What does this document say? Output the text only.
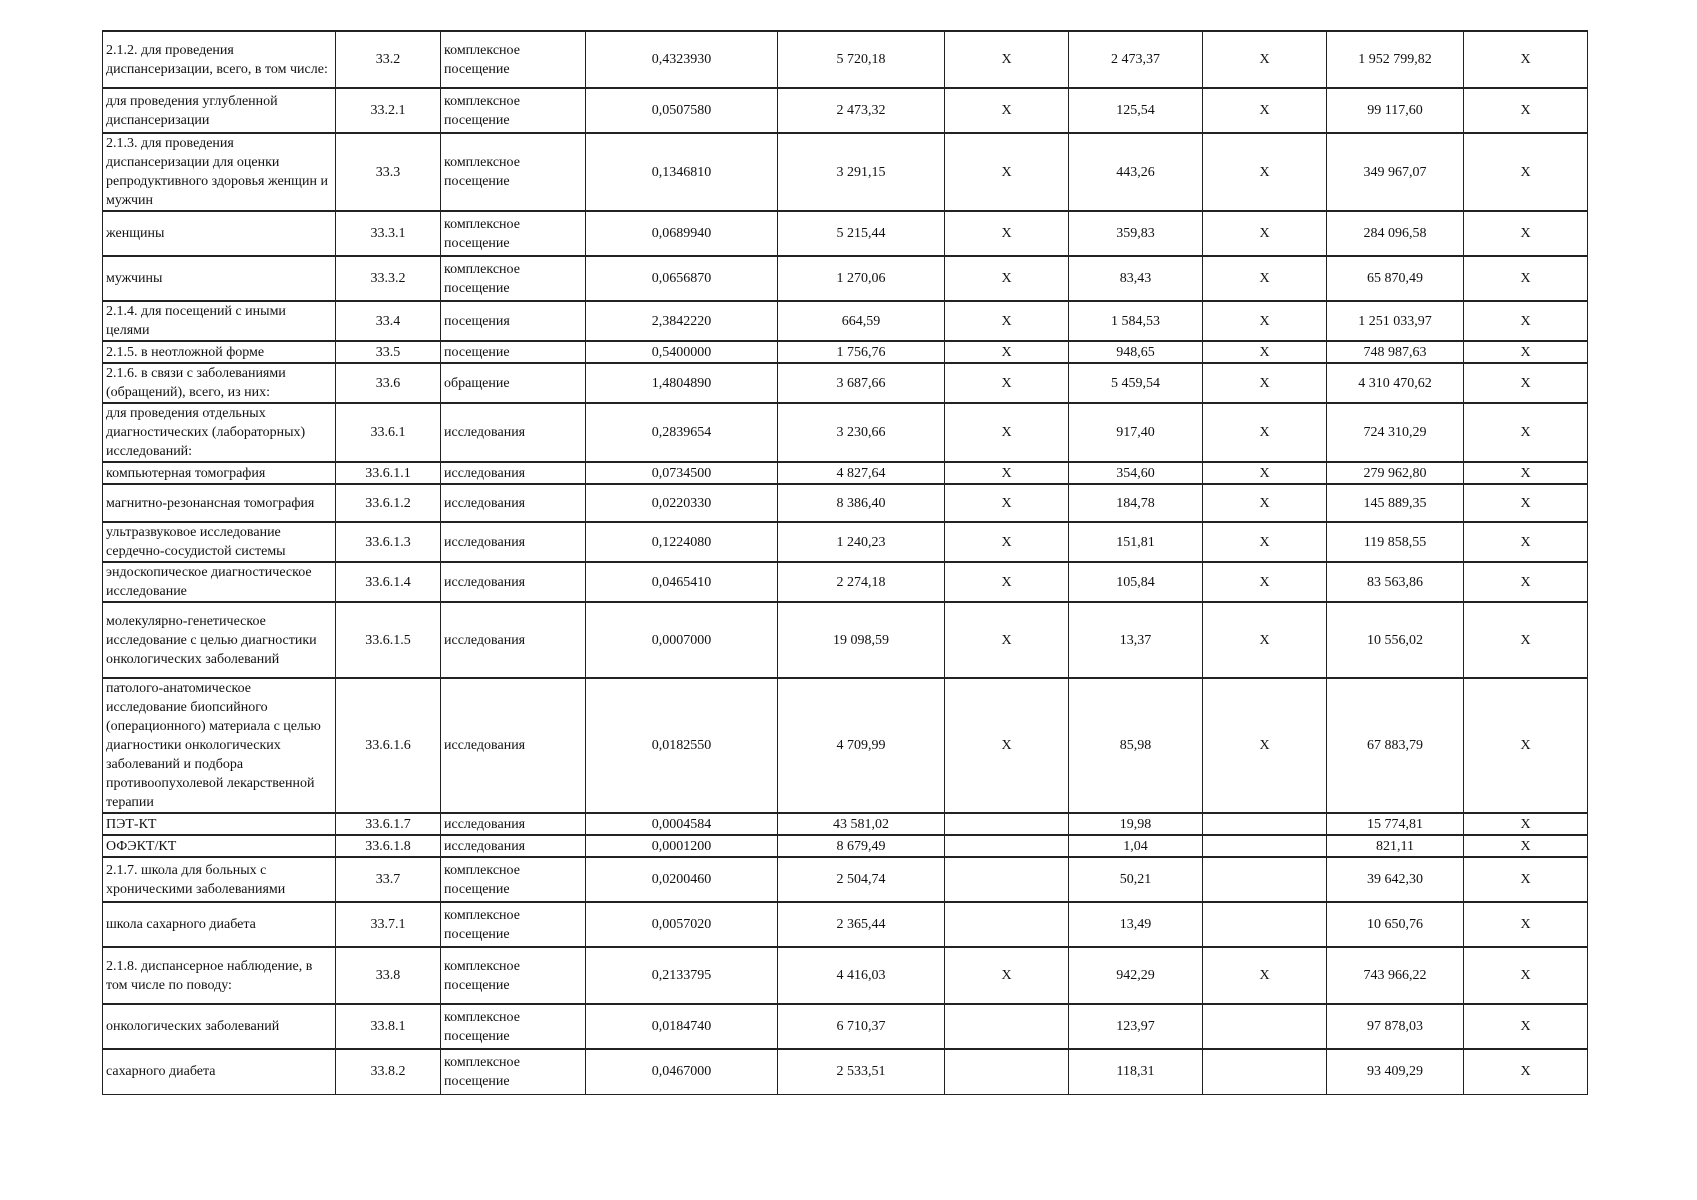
2.1.2. для проведения диспансеризации, всего, в том числе:	33.2	комплексное посещение	0,4323930	5 720,18	X	2 473,37	X	1 952 799,82	X
для проведения углубленной диспансеризации	33.2.1	комплексное посещение	0,0507580	2 473,32	X	125,54	X	99 117,60	X
2.1.3. для проведения диспансеризации для оценки репродуктивного здоровья женщин и мужчин	33.3	комплексное посещение	0,1346810	3 291,15	X	443,26	X	349 967,07	X
женщины	33.3.1	комплексное посещение	0,0689940	5 215,44	X	359,83	X	284 096,58	X
мужчины	33.3.2	комплексное посещение	0,0656870	1 270,06	X	83,43	X	65 870,49	X
2.1.4. для посещений с иными целями	33.4	посещения	2,3842220	664,59	X	1 584,53	X	1 251 033,97	X
2.1.5. в неотложной форме	33.5	посещение	0,5400000	1 756,76	X	948,65	X	748 987,63	X
2.1.6. в связи с заболеваниями (обращений), всего, из них:	33.6	обращение	1,4804890	3 687,66	X	5 459,54	X	4 310 470,62	X
для проведения отдельных диагностических (лабораторных) исследований:	33.6.1	исследования	0,2839654	3 230,66	X	917,40	X	724 310,29	X
компьютерная томография	33.6.1.1	исследования	0,0734500	4 827,64	X	354,60	X	279 962,80	X
магнитно-резонансная томография	33.6.1.2	исследования	0,0220330	8 386,40	X	184,78	X	145 889,35	X
ультразвуковое исследование сердечно-сосудистой системы	33.6.1.3	исследования	0,1224080	1 240,23	X	151,81	X	119 858,55	X
эндоскопическое диагностическое исследование	33.6.1.4	исследования	0,0465410	2 274,18	X	105,84	X	83 563,86	X
молекулярно-генетическое исследование с целью диагностики онкологических заболеваний	33.6.1.5	исследования	0,0007000	19 098,59	X	13,37	X	10 556,02	X
патолого-анатомическое исследование биопсийного (операционного) материала с целью диагностики онкологических заболеваний и подбора противоопухолевой лекарственной терапии	33.6.1.6	исследования	0,0182550	4 709,99	X	85,98	X	67 883,79	X
ПЭТ-КТ	33.6.1.7	исследования	0,0004584	43 581,02		19,98		15 774,81	X
ОФЭКТ/КТ	33.6.1.8	исследования	0,0001200	8 679,49		1,04		821,11	X
2.1.7. школа для больных с хроническими заболеваниями	33.7	комплексное посещение	0,0200460	2 504,74		50,21		39 642,30	X
школа сахарного диабета	33.7.1	комплексное посещение	0,0057020	2 365,44		13,49		10 650,76	X
2.1.8. диспансерное наблюдение, в том числе по поводу:	33.8	комплексное посещение	0,2133795	4 416,03	X	942,29	X	743 966,22	X
онкологических заболеваний	33.8.1	комплексное посещение	0,0184740	6 710,37		123,97		97 878,03	X
сахарного диабета	33.8.2	комплексное посещение	0,0467000	2 533,51		118,31		93 409,29	X
